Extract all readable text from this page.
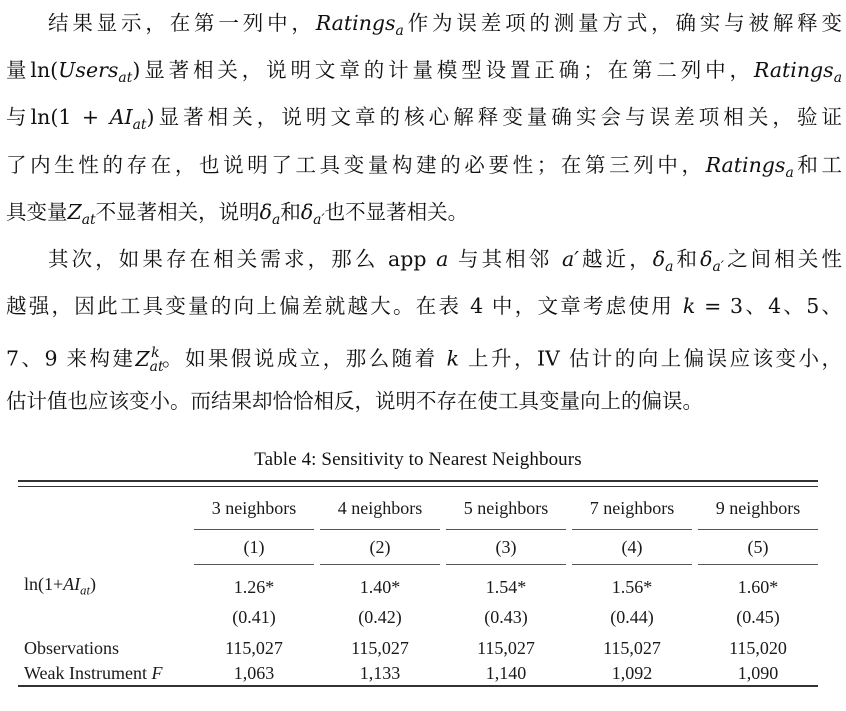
结果显示，在第一列中，Ratings$_a$作为误差项的测量方式，确实与被解释变
量ln(Users$_{at}$)显著相关，说明文章的计量模型设置正确；在第二列中，Ratings$_a$
与$\ln(1 + AI_{at})$显著相关，说明文章的核心解释变量确实会与误差项相关，验证
了内生性的存在，也说明了工具变量构建的必要性；在第三列中，Ratings$_a$和工
具变量$Z_{at}$不显著相关，说明$\delta_a$和$\delta_{a'}$也不显著相关。
其次，如果存在相关需求，那么 app a 与其相邻 a′越近，$\delta_a$和$\delta_{a'}$之间相关性
越强，因此工具变量的向上偏差就越大。在表 4 中，文章考虑使用 k = 3、4、5、
7、9 来构建$Z_{at}^k$。如果假说成立，那么随着 k 上升，IV 估计的向上偏误应该变小，
估计值也应该变小。而结果却恰恰相反，说明不存在使工具变量向上的偏误。
Table 4: Sensitivity to Nearest Neighbours

	3 neighbors		4 neighbors		5 neighbors		7 neighbors		9 neighbors
	(1)		(2)		(3)		(4)		(5)
$\ln(1+AI_{at})$	1.26*		1.40*		1.54*		1.56*		1.60*
	(0.41)		(0.42)		(0.43)		(0.44)		(0.45)
Observations	115,027		115,027		115,027		115,027		115,020
Weak Instrument F	1,063		1,133		1,140		1,092		1,090
